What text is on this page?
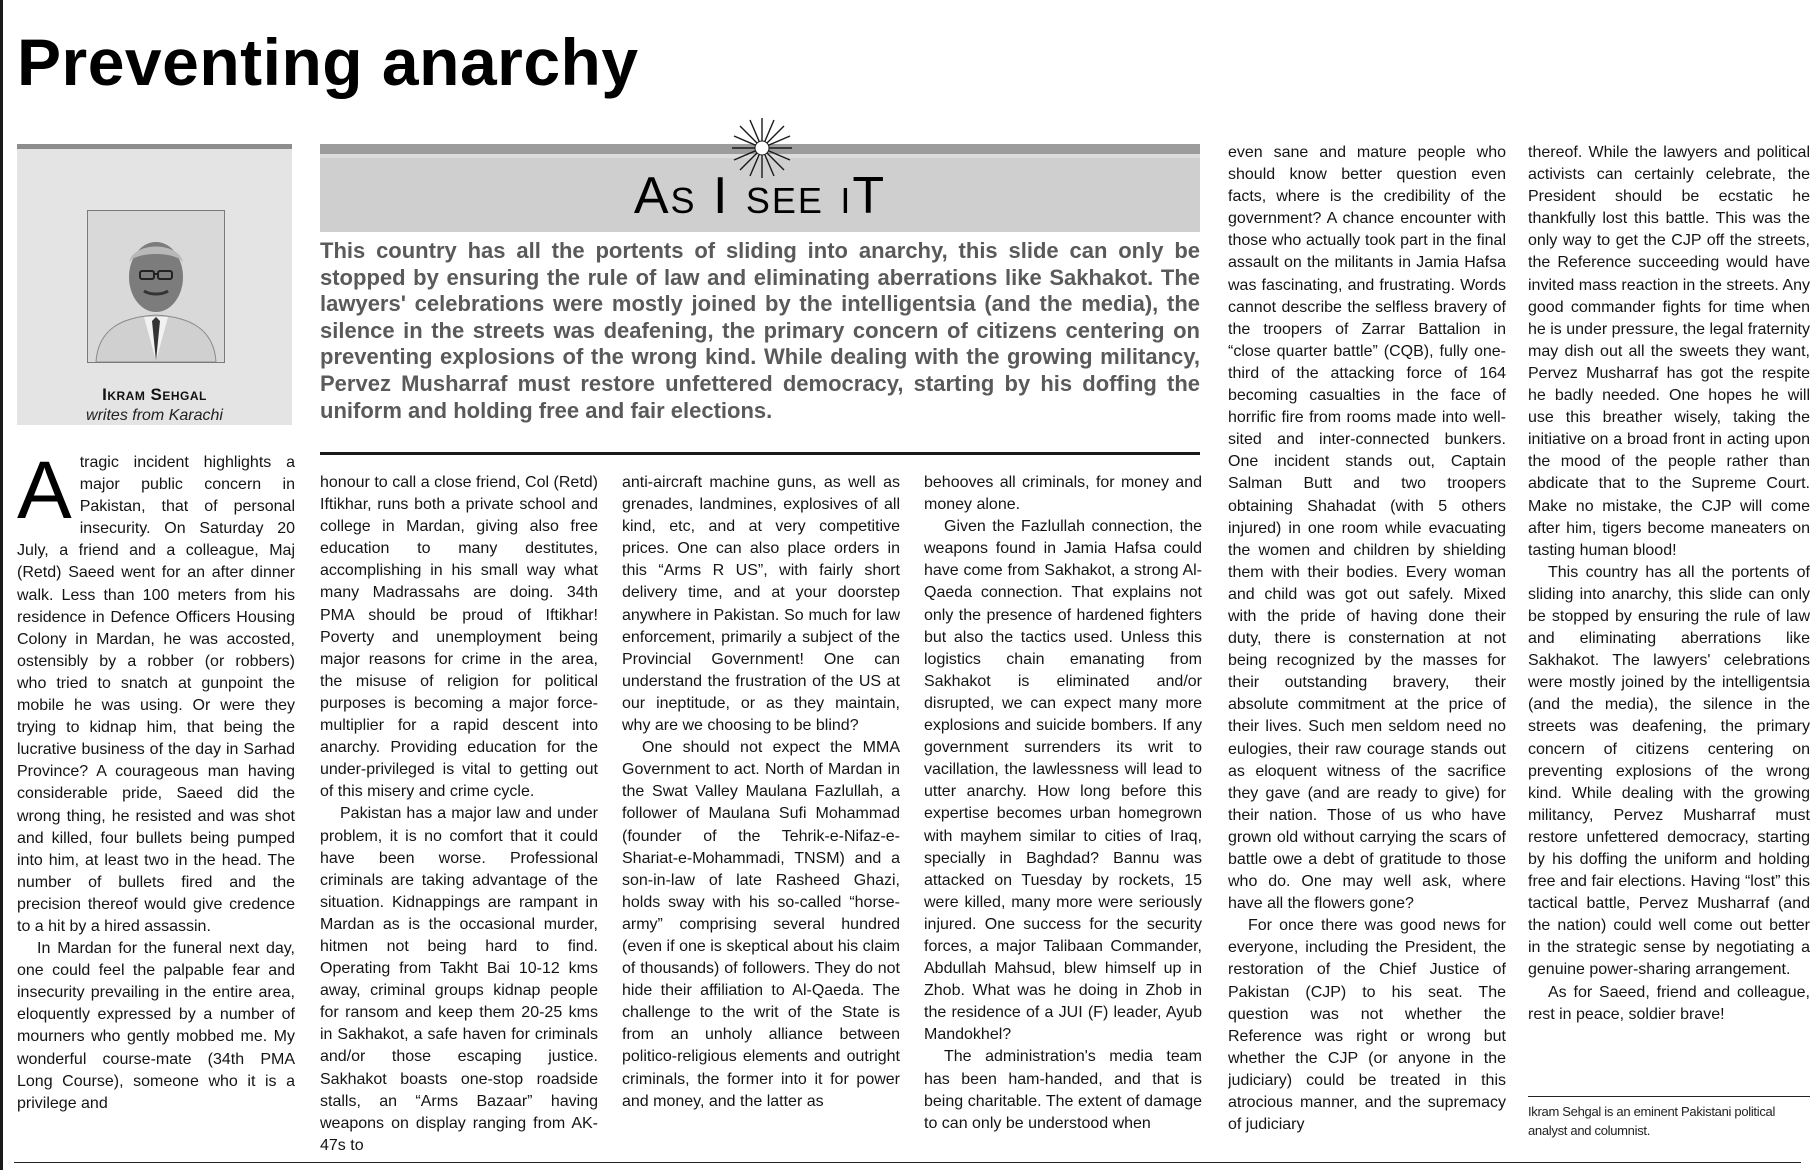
Preventing anarchy
Ikram Sehgal
writes from Karachi
As I see iT

This country has all the portents of sliding into anarchy, this slide can only be stopped by ensuring the rule of law and eliminating aberrations like Sakhakot. The lawyers' celebrations were mostly joined by the intelligentsia (and the media), the silence in the streets was deafening, the primary concern of citizens centering on preventing explosions of the wrong kind. While dealing with the growing militancy, Pervez Musharraf must restore unfettered democracy, starting by his doffing the uniform and holding free and fair elections.

Atragic incident highlights a major public concern in Pakistan, that of personal insecurity. On Saturday 20 July, a friend and a colleague, Maj (Retd) Saeed went for an after dinner walk. Less than 100 meters from his residence in Defence Officers Housing Colony in Mardan, he was accosted, ostensibly by a robber (or robbers) who tried to snatch at gunpoint the mobile he was using. Or were they trying to kidnap him, that being the lucrative business of the day in Sarhad Province? A courageous man having considerable pride, Saeed did the wrong thing, he resisted and was shot and killed, four bullets being pumped into him, at least two in the head. The number of bullets fired and the precision thereof would give credence to a hit by a hired assassin.

In Mardan for the funeral next day, one could feel the palpable fear and insecurity prevailing in the entire area, eloquently expressed by a number of mourners who gently mobbed me. My wonderful course-mate (34th PMA Long Course), someone who it is a privilege and

honour to call a close friend, Col (Retd) Iftikhar, runs both a private school and college in Mardan, giving also free education to many destitutes, accomplishing in his small way what many Madrassahs are doing. 34th PMA should be proud of Iftikhar! Poverty and unemployment being major reasons for crime in the area, the misuse of religion for political purposes is becoming a major force-multiplier for a rapid descent into anarchy. Providing education for the under-privileged is vital to getting out of this misery and crime cycle.

Pakistan has a major law and under problem, it is no comfort that it could have been worse. Professional criminals are taking advantage of the situation. Kidnappings are rampant in Mardan as is the occasional murder, hitmen not being hard to find. Operating from Takht Bai 10-12 kms away, criminal groups kidnap people for ransom and keep them 20-25 kms in Sakhakot, a safe haven for criminals and/or those escaping justice. Sakhakot boasts one-stop roadside stalls, an “Arms Bazaar” having weapons on display ranging from AK-47s to

anti-aircraft machine guns, as well as grenades, landmines, explosives of all kind, etc, and at very competitive prices. One can also place orders in this “Arms R US”, with fairly short delivery time, and at your doorstep anywhere in Pakistan. So much for law enforcement, primarily a subject of the Provincial Government! One can understand the frustration of the US at our ineptitude, or as they maintain, why are we choosing to be blind?

One should not expect the MMA Government to act. North of Mardan in the Swat Valley Maulana Fazlullah, a follower of Maulana Sufi Mohammad (founder of the Tehrik-e-Nifaz-e-Shariat-e-Mohammadi, TNSM) and a son-in-law of late Rasheed Ghazi, holds sway with his so-called “horse-army” comprising several hundred (even if one is skeptical about his claim of thousands) of followers. They do not hide their affiliation to Al-Qaeda. The challenge to the writ of the State is from an unholy alliance between politico-religious elements and outright criminals, the former into it for power and money, and the latter as

behooves all criminals, for money and money alone.

Given the Fazlullah connection, the weapons found in Jamia Hafsa could have come from Sakhakot, a strong Al-Qaeda connection. That explains not only the presence of hardened fighters but also the tactics used. Unless this logistics chain emanating from Sakhakot is eliminated and/or disrupted, we can expect many more explosions and suicide bombers. If any government surrenders its writ to vacillation, the lawlessness will lead to utter anarchy. How long before this expertise becomes urban homegrown with mayhem similar to cities of Iraq, specially in Baghdad? Bannu was attacked on Tuesday by rockets, 15 were killed, many more were seriously injured. One success for the security forces, a major Talibaan Commander, Abdullah Mahsud, blew himself up in Zhob. What was he doing in Zhob in the residence of a JUI (F) leader, Ayub Mandokhel?

The administration's media team has been ham-handed, and that is being charitable. The extent of damage to can only be understood when

even sane and mature people who should know better question even facts, where is the credibility of the government? A chance encounter with those who actually took part in the final assault on the militants in Jamia Hafsa was fascinating, and frustrating. Words cannot describe the selfless bravery of the troopers of Zarrar Battalion in “close quarter battle” (CQB), fully one-third of the attacking force of 164 becoming casualties in the face of horrific fire from rooms made into well-sited and inter-connected bunkers. One incident stands out, Captain Salman Butt and two troopers obtaining Shahadat (with 5 others injured) in one room while evacuating the women and children by shielding them with their bodies. Every woman and child was got out safely. Mixed with the pride of having done their duty, there is consternation at not being recognized by the masses for their outstanding bravery, their absolute commitment at the price of their lives. Such men seldom need no eulogies, their raw courage stands out as eloquent witness of the sacrifice they gave (and are ready to give) for their nation. Those of us who have grown old without carrying the scars of battle owe a debt of gratitude to those who do. One may well ask, where have all the flowers gone?

For once there was good news for everyone, including the President, the restoration of the Chief Justice of Pakistan (CJP) to his seat. The question was not whether the Reference was right or wrong but whether the CJP (or anyone in the judiciary) could be treated in this atrocious manner, and the supremacy of judiciary

thereof. While the lawyers and political activists can certainly celebrate, the President should be ecstatic he thankfully lost this battle. This was the only way to get the CJP off the streets, the Reference succeeding would have invited mass reaction in the streets. Any good commander fights for time when he is under pressure, the legal fraternity may dish out all the sweets they want, Pervez Musharraf has got the respite he badly needed. One hopes he will use this breather wisely, taking the initiative on a broad front in acting upon the mood of the people rather than abdicate that to the Supreme Court. Make no mistake, the CJP will come after him, tigers become maneaters on tasting human blood!

This country has all the portents of sliding into anarchy, this slide can only be stopped by ensuring the rule of law and eliminating aberrations like Sakhakot. The lawyers' celebrations were mostly joined by the intelligentsia (and the media), the silence in the streets was deafening, the primary concern of citizens centering on preventing explosions of the wrong kind. While dealing with the growing militancy, Pervez Musharraf must restore unfettered democracy, starting by his doffing the uniform and holding free and fair elections. Having “lost” this tactical battle, Pervez Musharraf (and the nation) could well come out better in the strategic sense by negotiating a genuine power-sharing arrangement.

As for Saeed, friend and colleague, rest in peace, soldier brave!

Ikram Sehgal is an eminent Pakistani political analyst and columnist.
